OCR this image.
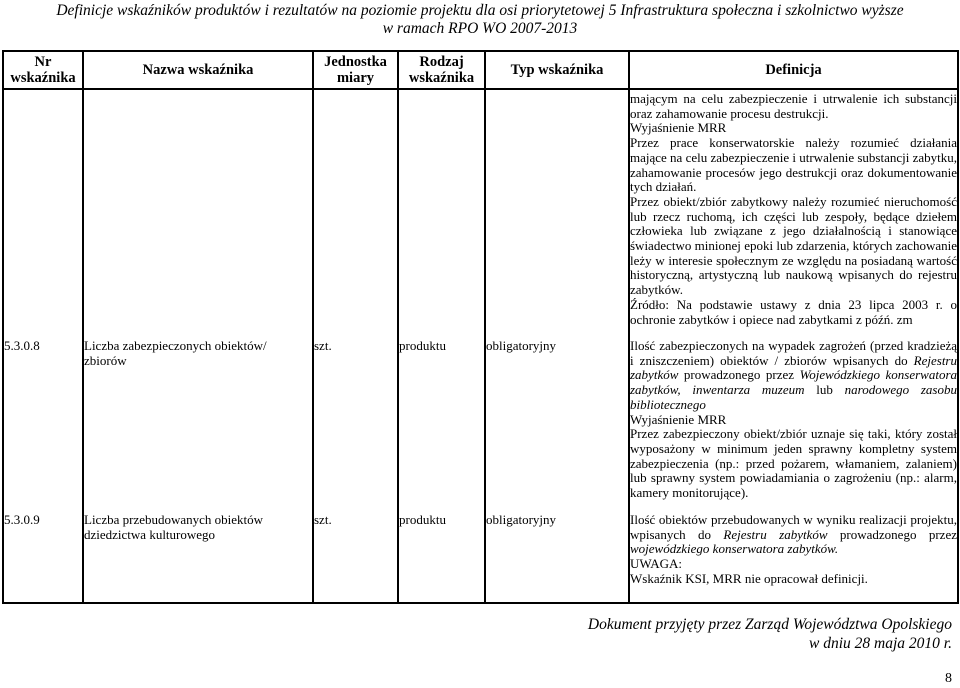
Definicje wskaźników produktów i rezultatów na poziomie projektu dla osi priorytetowej 5 Infrastruktura społeczna i szkolnictwo wyższe
w ramach RPO WO 2007-2013
Nr wskaźnika	Nazwa wskaźnika	Jednostka miary	Rodzaj wskaźnika	Typ wskaźnika	Definicja

					mającym na celu zabezpieczenie i utrwalenie ich substancji oraz zahamowanie procesu destrukcji.

Wyjaśnienie MRR

Przez prace konserwatorskie należy rozumieć działania mające na celu zabezpieczenie i utrwalenie substancji zabytku, zahamowanie procesów jego destrukcji oraz dokumentowanie tych działań.

Przez obiekt/zbiór zabytkowy należy rozumieć nieruchomość lub rzecz ruchomą, ich części lub zespoły, będące dziełem człowieka lub związane z jego działalnością i stanowiące świadectwo minionej epoki lub zdarzenia, których zachowanie leży w interesie społecznym ze względu na posiadaną wartość historyczną, artystyczną lub naukową wpisanych do rejestru zabytków.

Źródło: Na podstawie ustawy z dnia 23 lipca 2003 r. o ochronie zabytków i opiece nad zabytkami z późń. zm

5.3.0.8	Liczba zabezpieczonych obiektów/ zbiorów	szt.	produktu	obligatoryjny	Ilość zabezpieczonych na wypadek zagrożeń (przed kradzieżą i zniszczeniem) obiektów / zbiorów wpisanych do Rejestru zabytków prowadzonego przez Wojewódzkiego konserwatora zabytków, inwentarza muzeum lub narodowego zasobu bibliotecznego

Wyjaśnienie MRR

Przez zabezpieczony obiekt/zbiór uznaje się taki, który został wyposażony w minimum jeden sprawny kompletny system zabezpieczenia (np.: przed pożarem, włamaniem, zalaniem) lub sprawny system powiadamiania o zagrożeniu (np.: alarm, kamery monitorujące).

5.3.0.9	Liczba przebudowanych obiektów dziedzictwa kulturowego	szt.	produktu	obligatoryjny	Ilość obiektów przebudowanych w wyniku realizacji projektu, wpisanych do Rejestru zabytków prowadzonego przez wojewódzkiego konserwatora zabytków.

UWAGA:

Wskaźnik KSI, MRR nie opracował definicji.

Dokument przyjęty przez Zarząd Województwa Opolskiego
w dniu 28 maja 2010 r.
8
